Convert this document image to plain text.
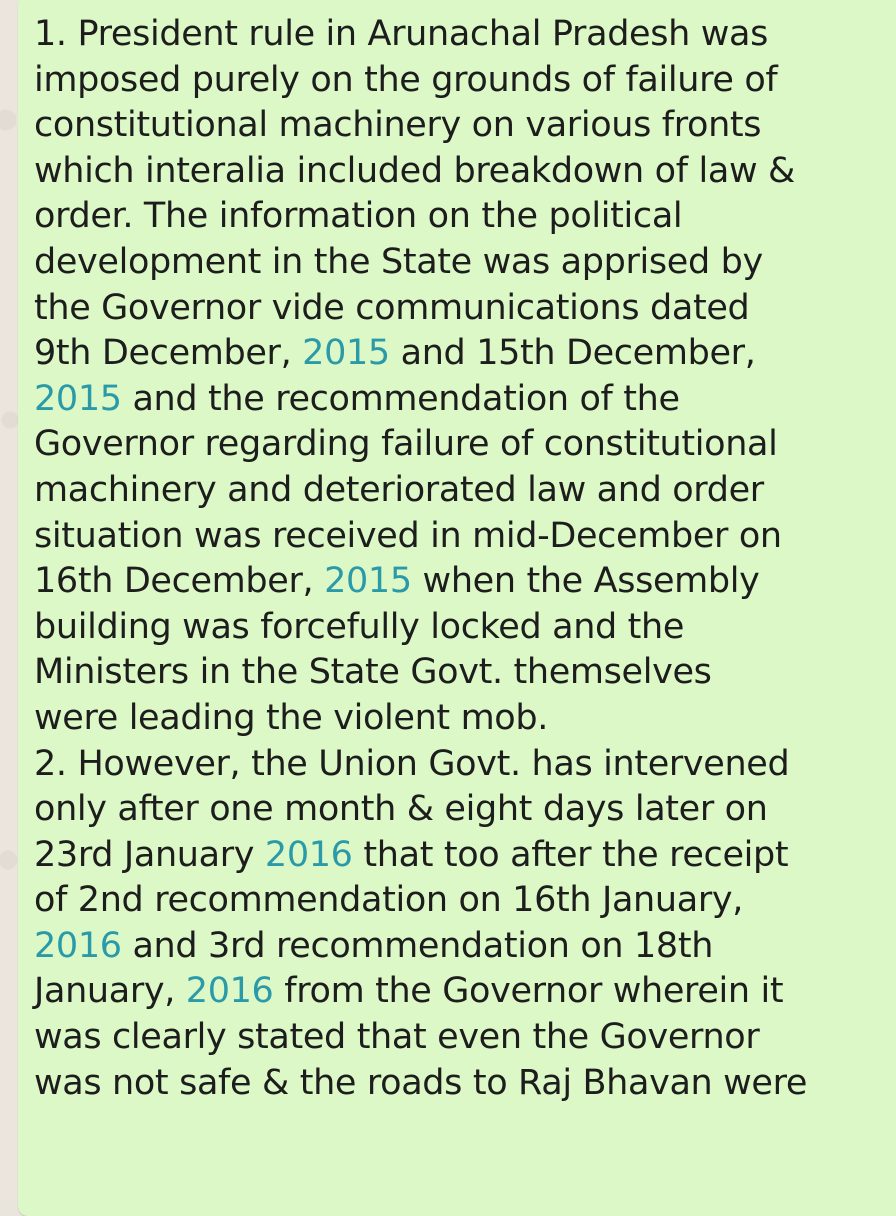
1. President rule in Arunachal Pradesh was
imposed purely on the grounds of failure of
constitutional machinery on various fronts
which interalia included breakdown of law &
order. The information on the political
development in the State was apprised by
the Governor vide communications dated
9th December, 2015 and 15th December,
2015 and the recommendation of the
Governor regarding failure of constitutional
machinery and deteriorated law and order
situation was received in mid-December on
16th December, 2015 when the Assembly
building was forcefully locked and the
Ministers in the State Govt. themselves
were leading the violent mob.
2. However, the Union Govt. has intervened
only after one month & eight days later on
23rd January 2016 that too after the receipt
of 2nd recommendation on 16th January,
2016 and 3rd recommendation on 18th
January, 2016 from the Governor wherein it
was clearly stated that even the Governor
was not safe & the roads to Raj Bhavan were
